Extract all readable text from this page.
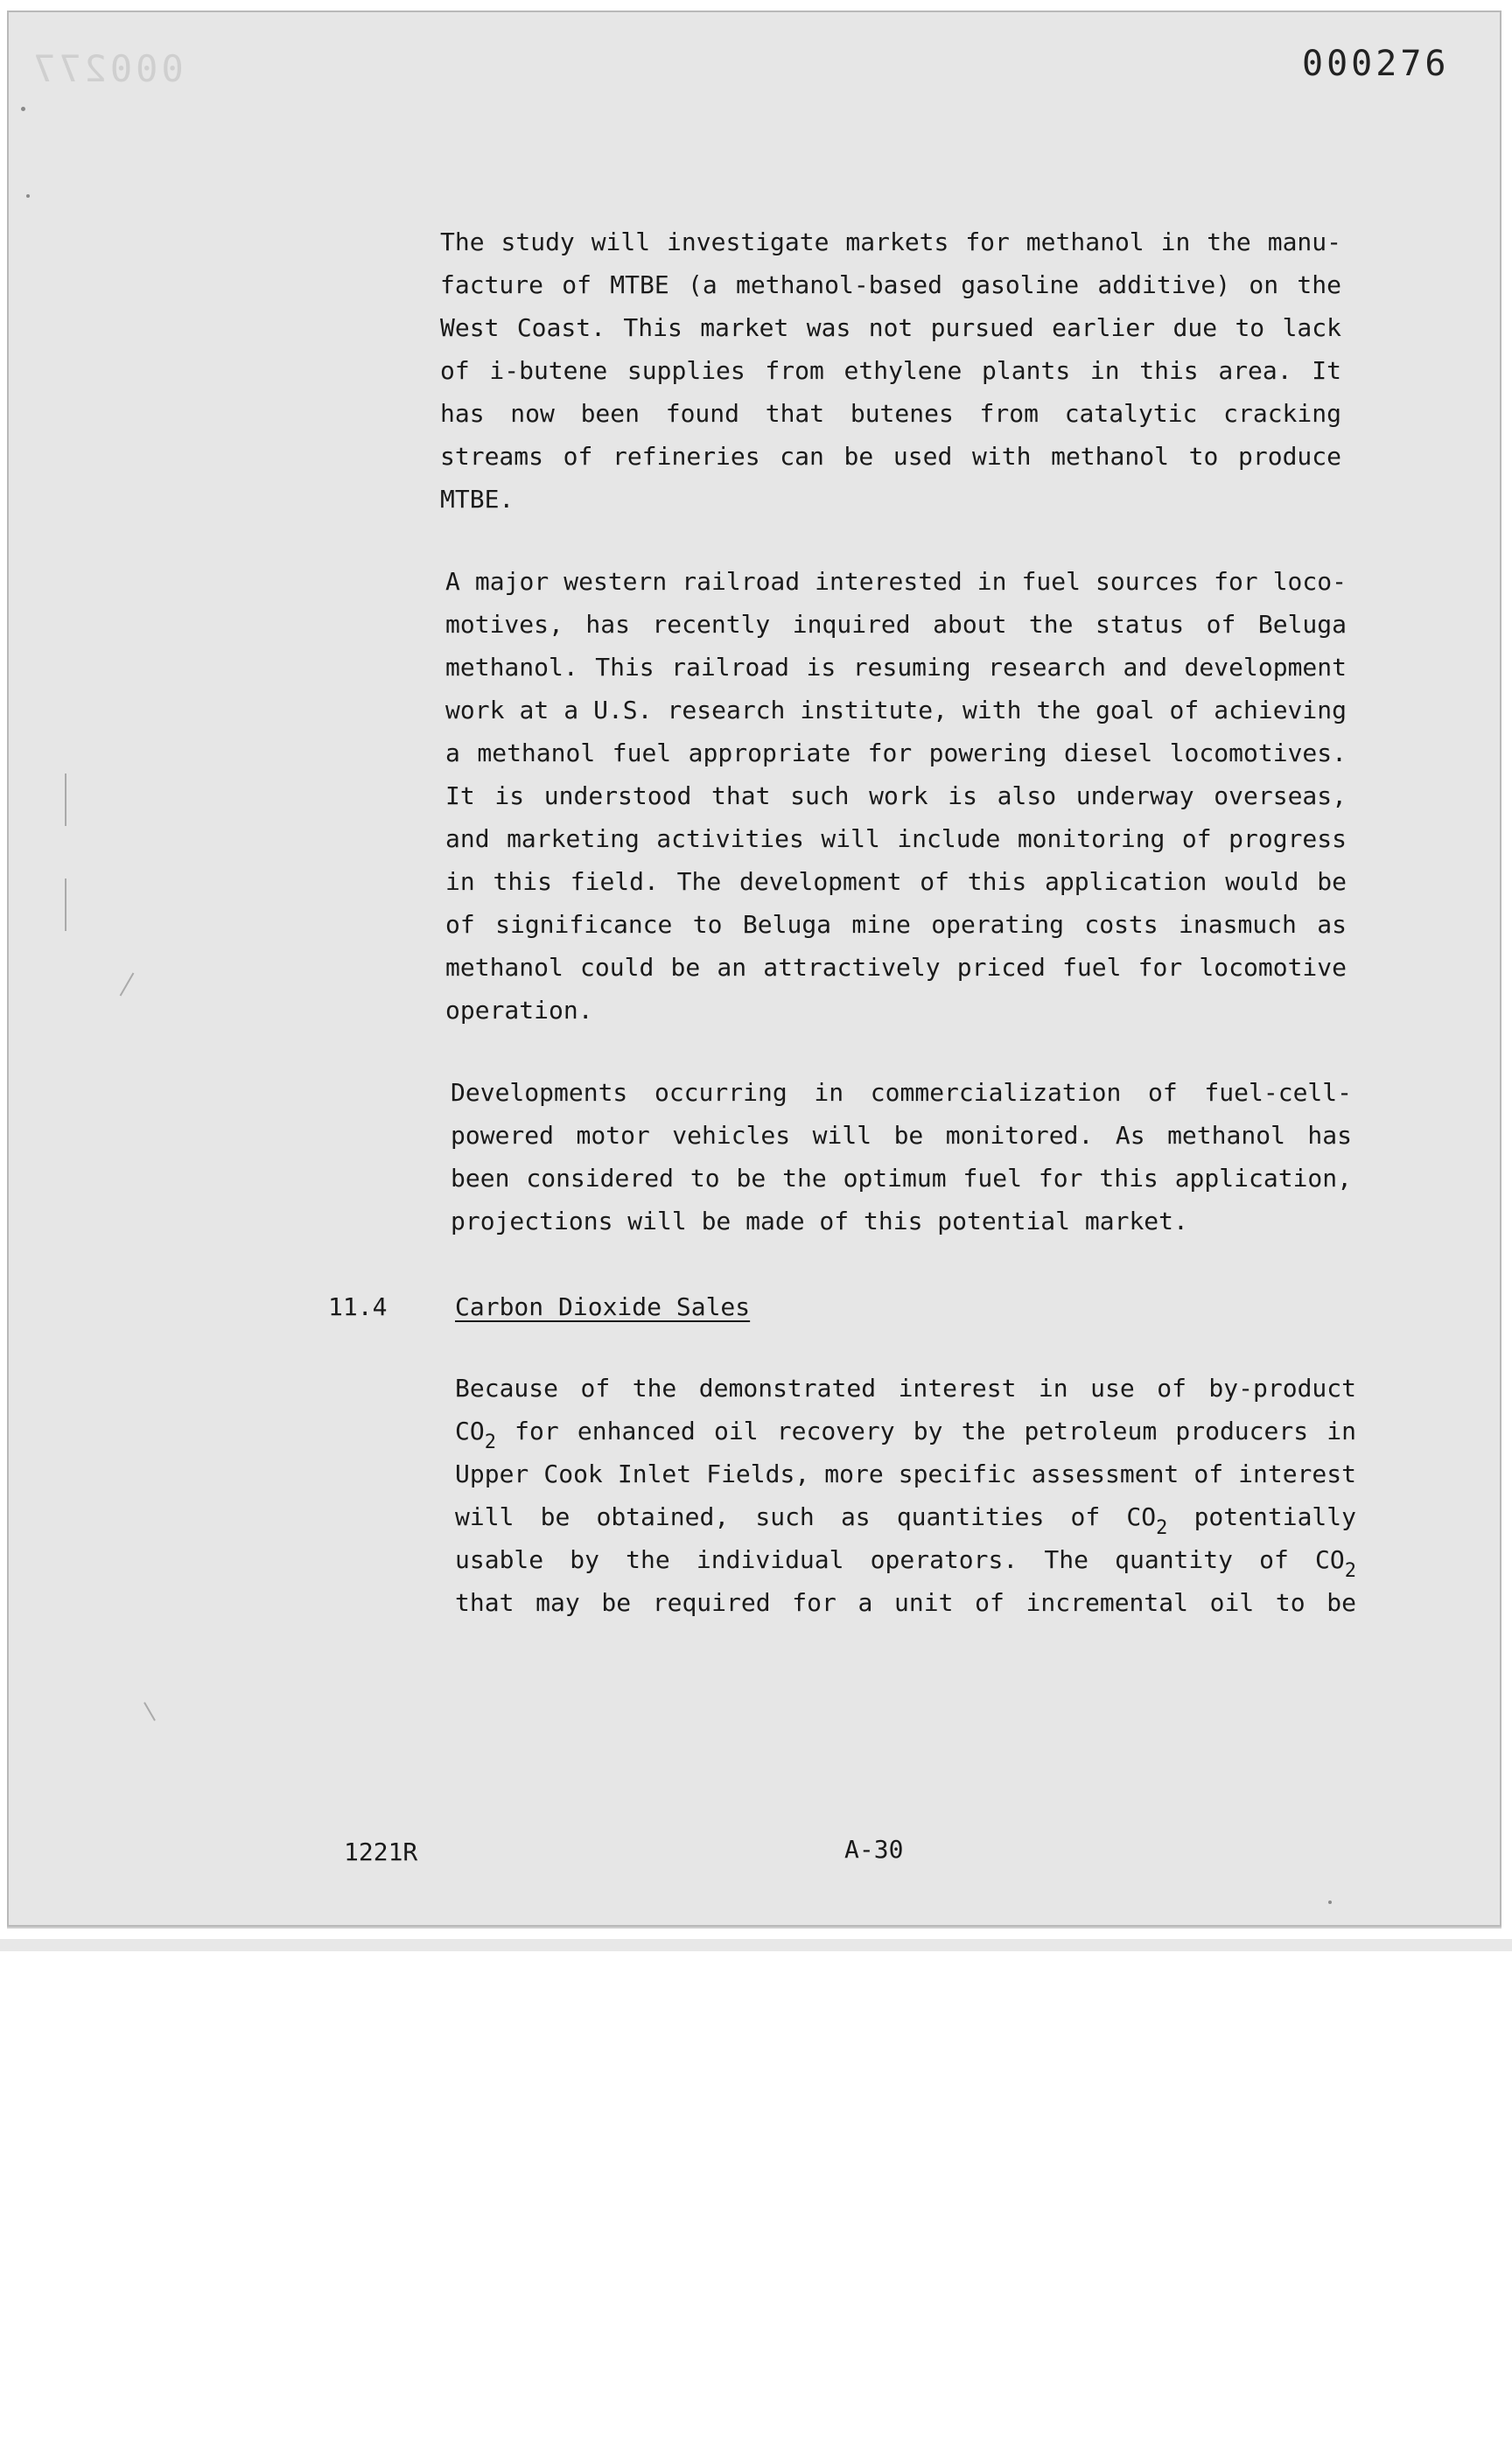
000277	000276
The study will investigate markets for methanol in the manu-
facture of MTBE (a methanol-based gasoline additive) on the
West Coast. This market was not pursued earlier due to lack
of i-butene supplies from ethylene plants in this area. It
has now been found that butenes from catalytic cracking
streams of refineries can be used with methanol to produce
MTBE.
A major western railroad interested in fuel sources for loco-
motives, has recently inquired about the status of Beluga
methanol. This railroad is resuming research and development
work at a U.S. research institute, with the goal of achieving
a methanol fuel appropriate for powering diesel locomotives.
It is understood that such work is also underway overseas,
and marketing activities will include monitoring of progress
in this field. The development of this application would be
of significance to Beluga mine operating costs inasmuch as
methanol could be an attractively priced fuel for locomotive
operation.
Developments occurring in commercialization of fuel-cell-
powered motor vehicles will be monitored. As methanol has
been considered to be the optimum fuel for this application,
projections will be made of this potential market.
11.4	Carbon Dioxide Sales
Because of the demonstrated interest in use of by-product
$CO_2$ for enhanced oil recovery by the petroleum producers in
Upper Cook Inlet Fields, more specific assessment of interest
will be obtained, such as quantities of $CO_2$ potentially
usable by the individual operators. The quantity of $CO_2$
that may be required for a unit of incremental oil to be
1221R	A-30
